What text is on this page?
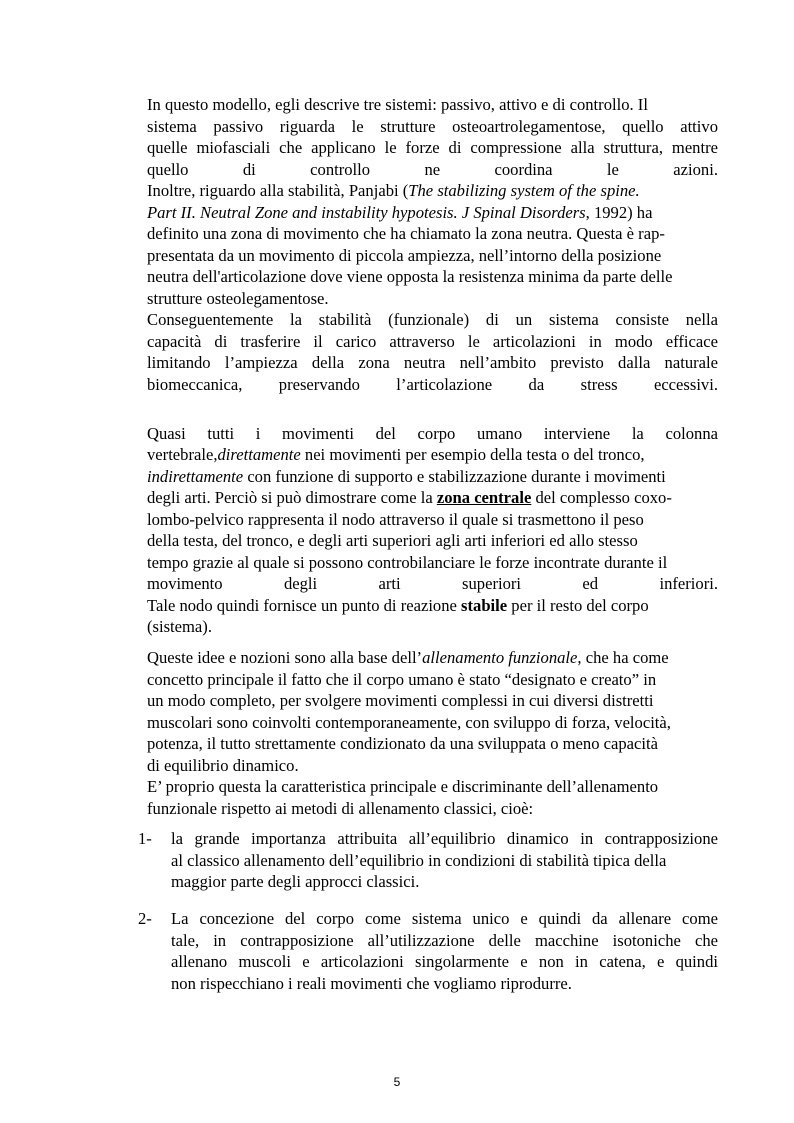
In questo modello, egli descrive tre sistemi: passivo, attivo e di controllo. Il
sistema passivo riguarda le strutture osteoartrolegamentose, quello attivo
quelle miofasciali che applicano le forze di compressione alla struttura, mentre
quello di controllo ne coordina le azioni.
Inoltre, riguardo alla stabilità, Panjabi (The stabilizing system of the spine.
Part II. Neutral Zone and instability hypotesis. J Spinal Disorders, 1992) ha
definito una zona di movimento che ha chiamato la zona neutra. Questa è rap-
presentata da un movimento di piccola ampiezza, nell’intorno della posizione
neutra dell'articolazione dove viene opposta la resistenza minima da parte delle
strutture osteolegamentose.
Conseguentemente la stabilità (funzionale) di un sistema consiste nella
capacità di trasferire il carico attraverso le articolazioni in modo efficace
limitando l’ampiezza della zona neutra nell’ambito previsto dalla naturale
biomeccanica, preservando l’articolazione da stress eccessivi.
Quasi tutti i movimenti del corpo umano interviene la colonna
vertebrale,direttamente nei movimenti per esempio della testa o del tronco,
indirettamente con funzione di supporto e stabilizzazione durante i movimenti
degli arti. Perciò si può dimostrare come la zona centrale del complesso coxo-
lombo-pelvico rappresenta il nodo attraverso il quale si trasmettono il peso
della testa, del tronco, e degli arti superiori agli arti inferiori ed allo stesso
tempo grazie al quale si possono controbilanciare le forze incontrate durante il
movimento degli arti superiori ed inferiori.
Tale nodo quindi fornisce un punto di reazione stabile per il resto del corpo
(sistema).
Queste idee e nozioni sono alla base dell’allenamento funzionale, che ha come
concetto principale il fatto che il corpo umano è stato “designato e creato” in
un modo completo, per svolgere movimenti complessi in cui diversi distretti
muscolari sono coinvolti contemporaneamente, con sviluppo di forza, velocità,
potenza, il tutto strettamente condizionato da una sviluppata o meno capacità
di equilibrio dinamico.
E’ proprio questa la caratteristica principale e discriminante dell’allenamento
funzionale rispetto ai metodi di allenamento classici, cioè:
1- la grande importanza attribuita all’equilibrio dinamico in contrapposizione
al classico allenamento dell’equilibrio in condizioni di stabilità tipica della
maggior parte degli approcci classici.
2- La concezione del corpo come sistema unico e quindi da allenare come
tale, in contrapposizione all’utilizzazione delle macchine isotoniche che
allenano muscoli e articolazioni singolarmente e non in catena, e quindi
non rispecchiano i reali movimenti che vogliamo riprodurre.
5
